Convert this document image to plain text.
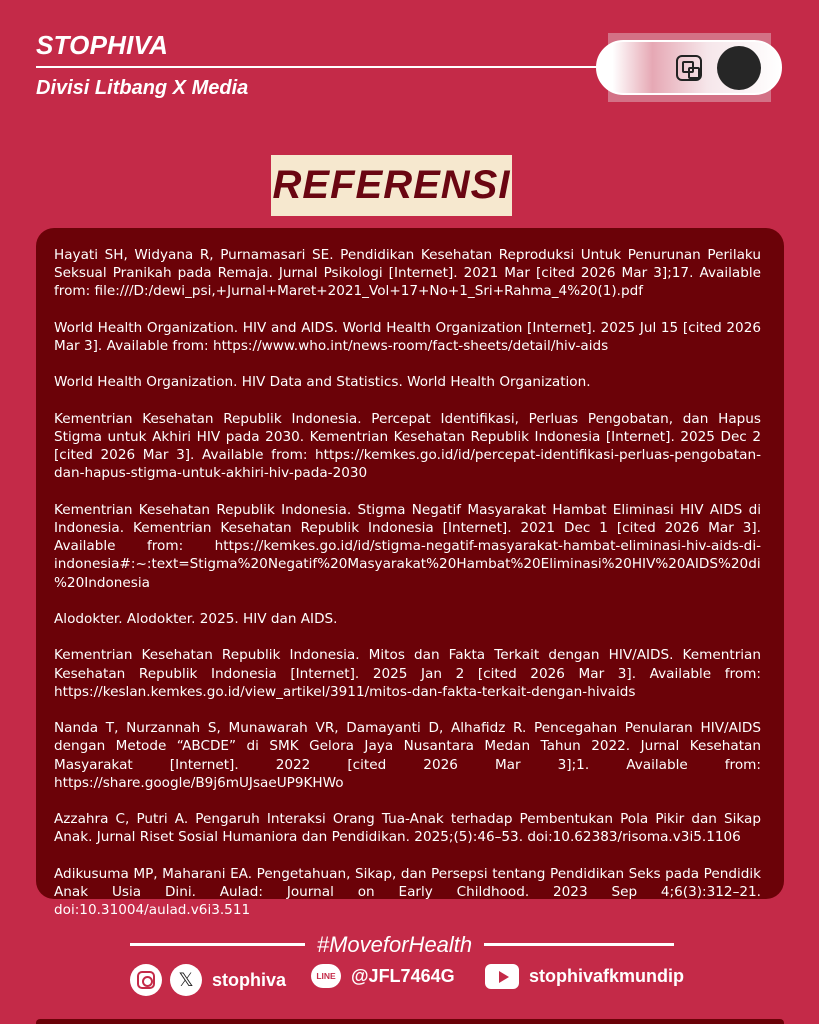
STOPHIVA
Divisi Litbang X Media
REFERENSI

Hayati SH, Widyana R, Purnamasari SE. Pendidikan Kesehatan Reproduksi Untuk Penurunan Perilaku Seksual Pranikah pada Remaja. Jurnal Psikologi [Internet]. 2021 Mar [cited 2026 Mar 3];17. Available from: file:///D:/dewi_psi,+Jurnal+Maret+2021_Vol+17+No+1_Sri+Rahma_4%20(1).pdf

World Health Organization. HIV and AIDS. World Health Organization [Internet]. 2025 Jul 15 [cited 2026 Mar 3]. Available from: https://www.who.int/news-room/fact-sheets/detail/hiv-aids

World Health Organization. HIV Data and Statistics. World Health Organization.

Kementrian Kesehatan Republik Indonesia. Percepat Identifikasi, Perluas Pengobatan, dan Hapus Stigma untuk Akhiri HIV pada 2030. Kementrian Kesehatan Republik Indonesia [Internet]. 2025 Dec 2 [cited 2026 Mar 3]. Available from: https://kemkes.go.id/id/percepat-identifikasi-perluas-pengobatan-dan-hapus-stigma-untuk-akhiri-hiv-pada-2030

Kementrian Kesehatan Republik Indonesia. Stigma Negatif Masyarakat Hambat Eliminasi HIV AIDS di Indonesia. Kementrian Kesehatan Republik Indonesia [Internet]. 2021 Dec 1 [cited 2026 Mar 3]. Available from: https://kemkes.go.id/id/stigma-negatif-masyarakat-hambat-eliminasi-hiv-aids-di-indonesia#:~:text=Stigma%20Negatif%20Masyarakat%20Hambat%20Eliminasi%20HIV%20AIDS%20di%20Indonesia

Alodokter. Alodokter. 2025. HIV dan AIDS.

Kementrian Kesehatan Republik Indonesia. Mitos dan Fakta Terkait dengan HIV/AIDS. Kementrian Kesehatan Republik Indonesia [Internet]. 2025 Jan 2 [cited 2026 Mar 3]. Available from: https://keslan.kemkes.go.id/view_artikel/3911/mitos-dan-fakta-terkait-dengan-hivaids

Nanda T, Nurzannah S, Munawarah VR, Damayanti D, Alhafidz R. Pencegahan Penularan HIV/AIDS dengan Metode “ABCDE” di SMK Gelora Jaya Nusantara Medan Tahun 2022. Jurnal Kesehatan Masyarakat [Internet]. 2022 [cited 2026 Mar 3];1. Available from: https://share.google/B9j6mUJsaeUP9KHWo

Azzahra C, Putri A. Pengaruh Interaksi Orang Tua-Anak terhadap Pembentukan Pola Pikir dan Sikap Anak. Jurnal Riset Sosial Humaniora dan Pendidikan. 2025;(5):46–53. doi:10.62383/risoma.v3i5.1106

Adikusuma MP, Maharani EA. Pengetahuan, Sikap, dan Persepsi tentang Pendidikan Seks pada Pendidik Anak Usia Dini. Aulad: Journal on Early Childhood. 2023 Sep 4;6(3):312–21. doi:10.31004/aulad.v6i3.511

#MoveforHealth
𝕏 stophiva	LINE @JFL7464G	stophivafkmundip
